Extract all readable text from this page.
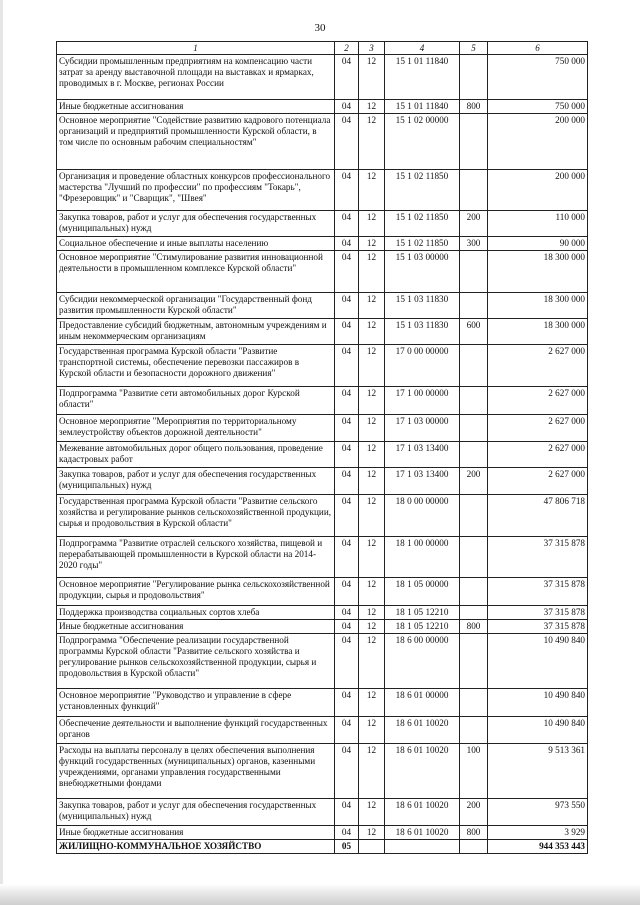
30
1	2	3	4	5	6
Субсидии промышленным предприятиям на компенсацию части затрат за аренду выставочной площади на выставках и ярмарках, проводимых в г. Москве, регионах России	04	12	15 1 01 11840		750 000
Иные бюджетные ассигнования	04	12	15 1 01 11840	800	750 000
Основное мероприятие "Содействие развитию кадрового потенциала организаций и предприятий промышленности Курской области, в том числе по основным рабочим специальностям"	04	12	15 1 02 00000		200 000
Организация и проведение областных конкурсов профессионального мастерства "Лучший по профессии" по профессиям "Токарь", "Фрезеровщик" и "Сварщик", "Швея"	04	12	15 1 02 11850		200 000
Закупка товаров, работ и услуг для обеспечения государственных (муниципальных) нужд	04	12	15 1 02 11850	200	110 000
Социальное обеспечение и иные выплаты населению	04	12	15 1 02 11850	300	90 000
Основное мероприятие "Стимулирование развития инновационной деятельности в промышленном комплексе Курской области"	04	12	15 1 03 00000		18 300 000
Субсидии некоммерческой организации "Государственный фонд развития промышленности Курской области"	04	12	15 1 03 11830		18 300 000
Предоставление субсидий бюджетным, автономным учреждениям и иным некоммерческим организациям	04	12	15 1 03 11830	600	18 300 000
Государственная программа Курской области "Развитие транспортной системы, обеспечение перевозки пассажиров в Курской области и безопасности дорожного движения"	04	12	17 0 00 00000		2 627 000
Подпрограмма "Развитие сети автомобильных дорог Курской области"	04	12	17 1 00 00000		2 627 000
Основное мероприятие "Мероприятия по территориальному землеустройству объектов дорожной деятельности"	04	12	17 1 03 00000		2 627 000
Межевание автомобильных дорог общего пользования, проведение кадастровых работ	04	12	17 1 03 13400		2 627 000
Закупка товаров, работ и услуг для обеспечения государственных (муниципальных) нужд	04	12	17 1 03 13400	200	2 627 000
Государственная программа Курской области "Развитие сельского хозяйства и регулирование рынков сельскохозяйственной продукции, сырья и продовольствия в Курской области"	04	12	18 0 00 00000		47 806 718
Подпрограмма "Развитие отраслей сельского хозяйства, пищевой и перерабатывающей промышленности в Курской области на 2014-2020 годы"	04	12	18 1 00 00000		37 315 878
Основное мероприятие "Регулирование рынка сельскохозяйственной продукции, сырья и продовольствия"	04	12	18 1 05 00000		37 315 878
Поддержка производства социальных сортов хлеба	04	12	18 1 05 12210		37 315 878
Иные бюджетные ассигнования	04	12	18 1 05 12210	800	37 315 878
Подпрограмма "Обеспечение реализации государственной программы Курской области "Развитие сельского хозяйства и регулирование рынков сельскохозяйственной продукции, сырья и продовольствия в Курской области"	04	12	18 6 00 00000		10 490 840
Основное мероприятие "Руководство и управление в сфере установленных функций"	04	12	18 6 01 00000		10 490 840
Обеспечение деятельности и выполнение функций государственных органов	04	12	18 6 01 10020		10 490 840
Расходы на выплаты персоналу в целях обеспечения выполнения функций государственных (муниципальных) органов, казенными учреждениями, органами управления государственными внебюджетными фондами	04	12	18 6 01 10020	100	9 513 361
Закупка товаров, работ и услуг для обеспечения государственных (муниципальных) нужд	04	12	18 6 01 10020	200	973 550
Иные бюджетные ассигнования	04	12	18 6 01 10020	800	3 929
ЖИЛИЩНО-КОММУНАЛЬНОЕ ХОЗЯЙСТВО	05				944 353 443
